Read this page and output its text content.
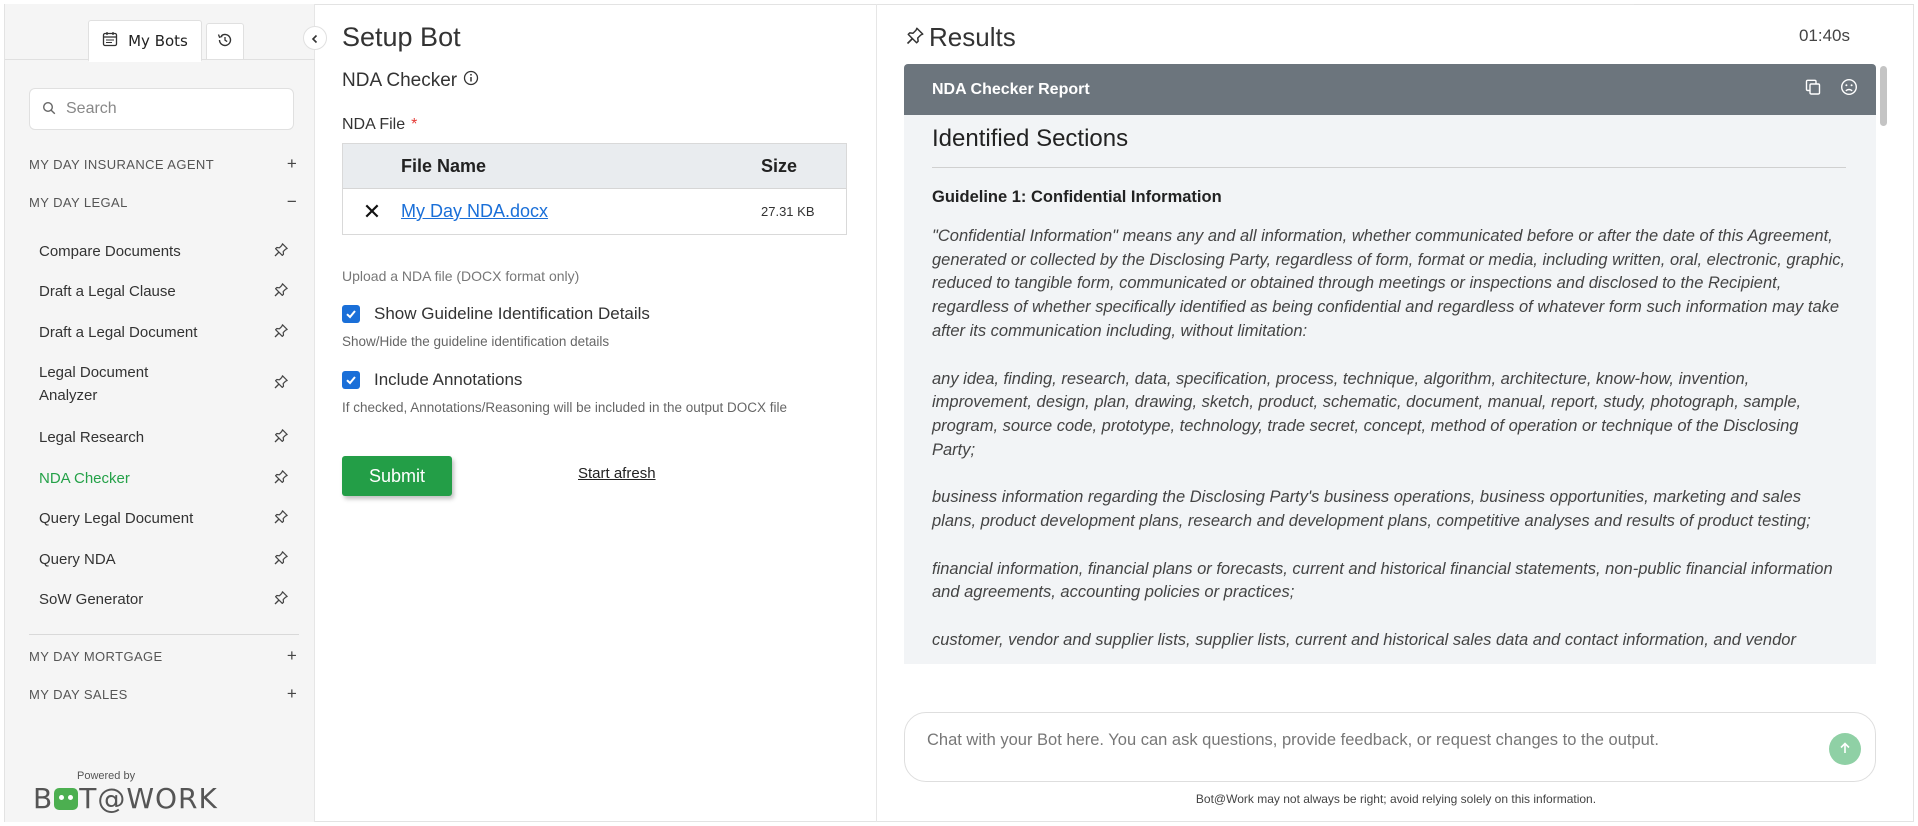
My Bots
Search
MY DAY INSURANCE AGENT	+
MY DAY LEGAL	−
Compare Documents
Draft a Legal Clause
Draft a Legal Document
Legal Document Analyzer
Legal Research
NDA Checker
Query Legal Document
Query NDA
SoW Generator
MY DAY MORTGAGE	+
MY DAY SALES	+
Powered by
B T@WORK
Setup Bot
NDA Checker
NDA File *
File Name	Size
✕	My Day NDA.docx	27.31 KB
Upload a NDA file (DOCX format only)
Show Guideline Identification Details
Show/Hide the guideline identification details
Include Annotations
If checked, Annotations/Reasoning will be included in the output DOCX file
Submit	Start afresh
Results	01:40s
NDA Checker Report
Identified Sections
Guideline 1: Confidential Information

"Confidential Information" means any and all information, whether communicated before or after the date of this Agreement, generated or collected by the Disclosing Party, regardless of form, format or media, including written, oral, electronic, graphic, reduced to tangible form, communicated or obtained through meetings or inspections and disclosed to the Recipient, regardless of whether specifically identified as being confidential and regardless of whatever form such information may take after its communication including, without limitation:

any idea, finding, research, data, specification, process, technique, algorithm, architecture, know-how, invention, improvement, design, plan, drawing, sketch, product, schematic, document, manual, report, study, photograph, sample, program, source code, prototype, technology, trade secret, concept, method of operation or technique of the Disclosing Party;

business information regarding the Disclosing Party's business operations, business opportunities, marketing and sales plans, product development plans, research and development plans, competitive analyses and results of product testing;

financial information, financial plans or forecasts, current and historical financial statements, non-public financial information and agreements, accounting policies or practices;

customer, vendor and supplier lists, supplier lists, current and historical sales data and contact information, and vendor

Chat with your Bot here. You can ask questions, provide feedback, or request changes to the output.
Bot@Work may not always be right; avoid relying solely on this information.
